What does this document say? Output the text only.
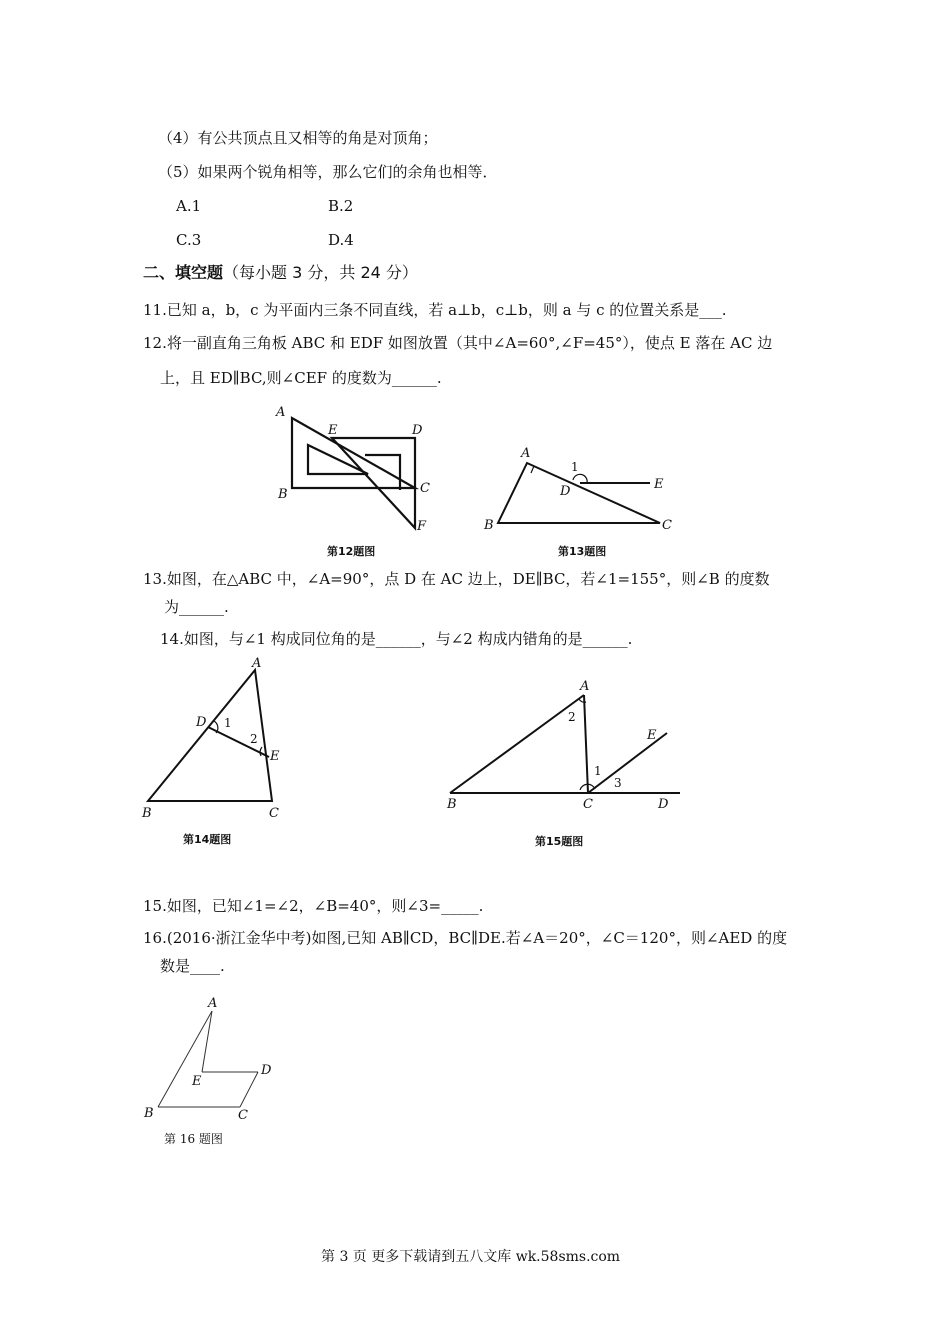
（4）有公共顶点且又相等的角是对顶角；
（5）如果两个锐角相等，那么它们的余角也相等．
A.1	B.2
C.3	D.4
二、填空题（每小题 3 分，共 24 分）
11.已知 a，b，c 为平面内三条不同直线，若 a⊥b，c⊥b，则 a 与 c 的位置关系是___.
12.将一副直角三角板 ABC 和 EDF 如图放置（其中∠A=60°,∠F=45°），使点 E 落在 AC 边
上，且 ED∥BC,则∠CEF 的度数为______.
A
E	D
B	C
F
第12题图
A
1
D	E
B	C
第13题图
13.如图，在△ABC 中，∠A=90°，点 D 在 AC 边上，DE∥BC，若∠1=155°，则∠B 的度数
为______.
14.如图，与∠1 构成同位角的是______，与∠2 构成内错角的是______.
A
D 1
2
E
B	C
第14题图
A
2
E
1
3
B	C	D
第15题图
15.如图，已知∠1=∠2，∠B=40°，则∠3=_____.
16.(2016·浙江金华中考)如图,已知 AB∥CD，BC∥DE.若∠A＝20°，∠C＝120°，则∠AED 的度
数是____.
A
E
D
B	C
第 16 题图
第 3 页 更多下载请到五八文库 wk.58sms.com
